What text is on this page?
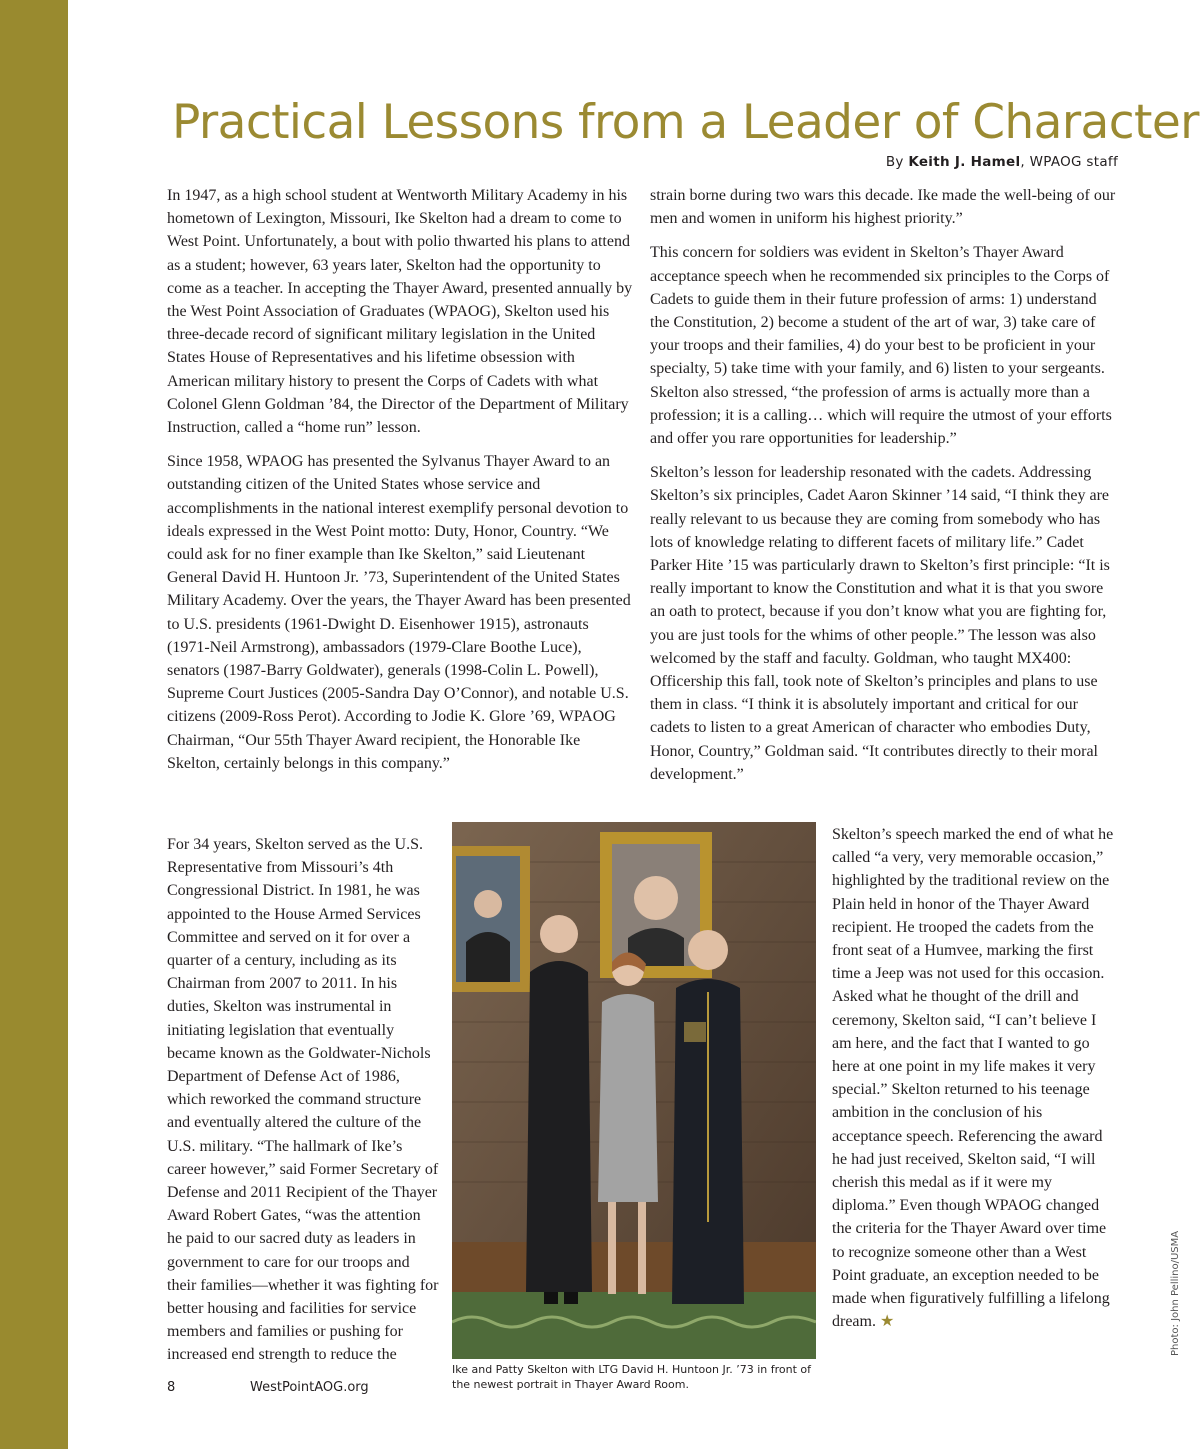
Practical Lessons from a Leader of Character
By Keith J. Hamel, WPAOG staff

In 1947, as a high school student at Wentworth Military Academy in his hometown of Lexington, Missouri, Ike Skelton had a dream to come to West Point. Unfortunately, a bout with polio thwarted his plans to attend as a student; however, 63 years later, Skelton had the opportunity to come as a teacher. In accepting the Thayer Award, presented annually by the West Point Association of Graduates (WPAOG), Skelton used his three-decade record of significant military legislation in the United States House of Representatives and his lifetime obsession with American military history to present the Corps of Cadets with what Colonel Glenn Goldman ’84, the Director of the Department of Military Instruction, called a “home run” lesson.

Since 1958, WPAOG has presented the Sylvanus Thayer Award to an outstanding citizen of the United States whose service and accomplishments in the national interest exemplify personal devotion to ideals expressed in the West Point motto: Duty, Honor, Country. “We could ask for no finer example than Ike Skelton,” said Lieutenant General David H. Huntoon Jr. ’73, Superintendent of the United States Military Academy. Over the years, the Thayer Award has been presented to U.S. presidents (1961-Dwight D. Eisenhower 1915), astronauts (1971-Neil Armstrong), ambassadors (1979-Clare Boothe Luce), senators (1987-Barry Goldwater), generals (1998-Colin L. Powell), Supreme Court Justices (2005-Sandra Day O’Connor), and notable U.S. citizens (2009-Ross Perot). According to Jodie K. Glore ’69, WPAOG Chairman, “Our 55th Thayer Award recipient, the Honorable Ike Skelton, certainly belongs in this company.”

strain borne during two wars this decade. Ike made the well-being of our men and women in uniform his highest priority.”

This concern for soldiers was evident in Skelton’s Thayer Award acceptance speech when he recommended six principles to the Corps of Cadets to guide them in their future profession of arms: 1) understand the Constitution, 2) become a student of the art of war, 3) take care of your troops and their families, 4) do your best to be proficient in your specialty, 5) take time with your family, and 6) listen to your sergeants. Skelton also stressed, “the profession of arms is actually more than a profession; it is a calling… which will require the utmost of your efforts and offer you rare opportunities for leadership.”

Skelton’s lesson for leadership resonated with the cadets. Addressing Skelton’s six principles, Cadet Aaron Skinner ’14 said, “I think they are really relevant to us because they are coming from somebody who has lots of knowledge relating to different facets of military life.” Cadet Parker Hite ’15 was particularly drawn to Skelton’s first principle: “It is really important to know the Constitution and what it is that you swore an oath to protect, because if you don’t know what you are fighting for, you are just tools for the whims of other people.” The lesson was also welcomed by the staff and faculty. Goldman, who taught MX400: Officership this fall, took note of Skelton’s principles and plans to use them in class. “I think it is absolutely important and critical for our cadets to listen to a great American of character who embodies Duty, Honor, Country,” Goldman said. “It contributes directly to their moral development.”

For 34 years, Skelton served as the U.S. Representative from Missouri’s 4th Congressional District. In 1981, he was appointed to the House Armed Services Committee and served on it for over a quarter of a century, including as its Chairman from 2007 to 2011. In his duties, Skelton was instrumental in initiating legislation that eventually became known as the Goldwater-Nichols Department of Defense Act of 1986, which reworked the command structure and eventually altered the culture of the U.S. military. “The hallmark of Ike’s career however,” said Former Secretary of Defense and 2011 Recipient of the Thayer Award Robert Gates, “was the attention he paid to our sacred duty as leaders in government to care for our troops and their families—whether it was fighting for better housing and facilities for service members and families or pushing for increased end strength to reduce the

Skelton’s speech marked the end of what he called “a very, very memorable occasion,” highlighted by the traditional review on the Plain held in honor of the Thayer Award recipient. He trooped the cadets from the front seat of a Humvee, marking the first time a Jeep was not used for this occasion. Asked what he thought of the drill and ceremony, Skelton said, “I can’t believe I am here, and the fact that I wanted to go here at one point in my life makes it very special.” Skelton returned to his teenage ambition in the conclusion of his acceptance speech. Referencing the award he had just received, Skelton said, “I will cherish this medal as if it were my diploma.” Even though WPAOG changed the criteria for the Thayer Award over time to recognize someone other than a West Point graduate, an exception needed to be made when figuratively fulfilling a lifelong dream. ★

Ike and Patty Skelton with LTG David H. Huntoon Jr. ’73 in front of the newest portrait in Thayer Award Room.
Photo: John Pellino/USMA
8	WestPointAOG.org
